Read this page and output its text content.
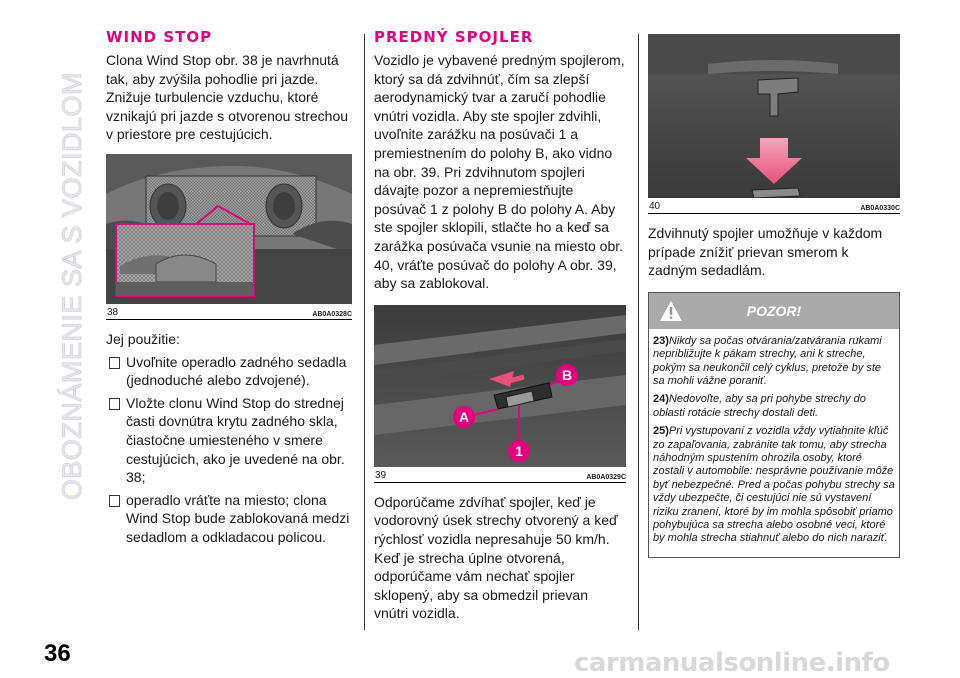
OBOZNÁMENIE SA S VOZIDLOM
WIND STOP

Clona Wind Stop obr. 38 je navrhnutá tak, aby zvýšila pohodlie pri jazde. Znižuje turbulencie vzduchu, ktoré vznikajú pri jazde s otvorenou strechou v priestore pre cestujúcich.

38	AB0A0328C

Jej použitie:

Uvoľnite operadlo zadného sedadla (jednoduché alebo zdvojené).

Vložte clonu Wind Stop do strednej časti dovnútra krytu zadného skla, čiastočne umiesteného v smere cestujúcich, ako je uvedené na obr. 38;

operadlo vráťte na miesto; clona Wind Stop bude zablokovaná medzi sedadlom a odkladacou policou.

PREDNÝ SPOJLER

Vozidlo je vybavené predným spojlerom, ktorý sa dá zdvihnúť, čím sa zlepší aerodynamický tvar a zaručí pohodlie vnútri vozidla. Aby ste spojler zdvihli, uvoľnite zarážku na posúvači 1 a premiestnením do polohy B, ako vidno na obr. 39. Pri zdvihnutom spojleri dávajte pozor a nepremiestňujte posúvač 1 z polohy B do polohy A. Aby ste spojler sklopili, stlačte ho a keď sa zarážka posúvača vsunie na miesto obr. 40, vráťte posúvač do polohy A obr. 39, aby sa zablokoval.

A
B
1
39	AB0A0329C

Odporúčame zdvíhať spojler, keď je vodorovný úsek strechy otvorený a keď rýchlosť vozidla nepresahuje 50 km/h. Keď je strecha úplne otvorená, odporúčame vám nechať spojler sklopený, aby sa obmedzil prievan vnútri vozidla.

40	AB0A0330C

Zdvihnutý spojler umožňuje v každom prípade znížiť prievan smerom k zadným sedadlám.

POZOR!

23)Nikdy sa počas otvárania/zatvárania rukami nepribližujte k pákam strechy, ani k streche, pokým sa neukončil celý cyklus, pretože by ste sa mohli vážne poraniť.

24)Nedovoľte, aby sa pri pohybe strechy do oblasti rotácie strechy dostali deti.

25)Pri vystupovaní z vozidla vždy vytiahnite kľúč zo zapaľovania, zabránite tak tomu, aby strecha náhodným spustením ohrozila osoby, ktoré zostali v automobile: nesprávne používanie môže byť nebezpečné. Pred a počas pohybu strechy sa vždy ubezpečte, či cestujúci nie sú vystavení riziku zranení, ktoré by im mohla spôsobiť priamo pohybujúca sa strecha alebo osobné veci, ktoré by mohla strecha stiahnuť alebo do nich naraziť.

36	carmanualsonline.info
